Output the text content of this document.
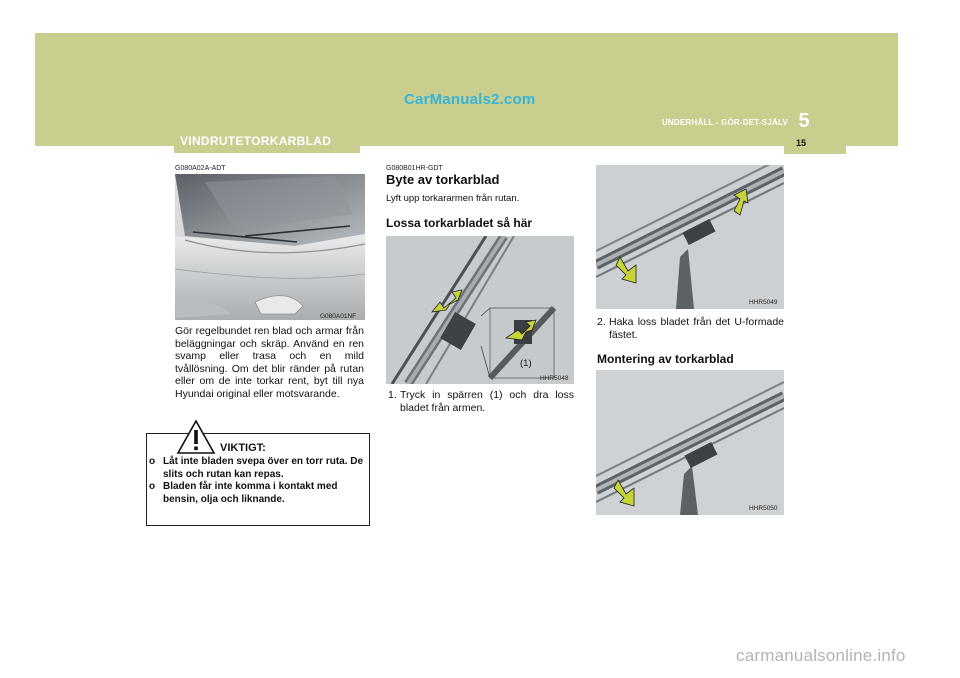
CarManuals2.com
5
UNDERHÅLL - GÖR-DET-SJÄLV
VINDRUTETORKARBLAD	15
G080A02A-ADT
G080A01NF
Gör regelbundet ren blad och armar från beläggningar och skräp. Använd en ren svamp eller trasa och en mild tvållösning. Om det blir ränder på rutan eller om de inte torkar rent, byt till nya Hyundai original eller motsvarande.
VIKTIGT:
o Låt inte bladen svepa över en torr ruta. De slits och rutan kan repas.
o Bladen får inte komma i kontakt med bensin, olja och liknande.
G080B01HR-GDT
Byte av torkarblad
Lyft upp torkararmen från rutan.
Lossa torkarbladet så här
(1)
HHR5048
1. Tryck in spärren (1) och dra loss bladet från armen.
HHR5049
2. Haka loss bladet från det U-formade fästet.
Montering av torkarblad
HHR5050
carmanualsonline.info
